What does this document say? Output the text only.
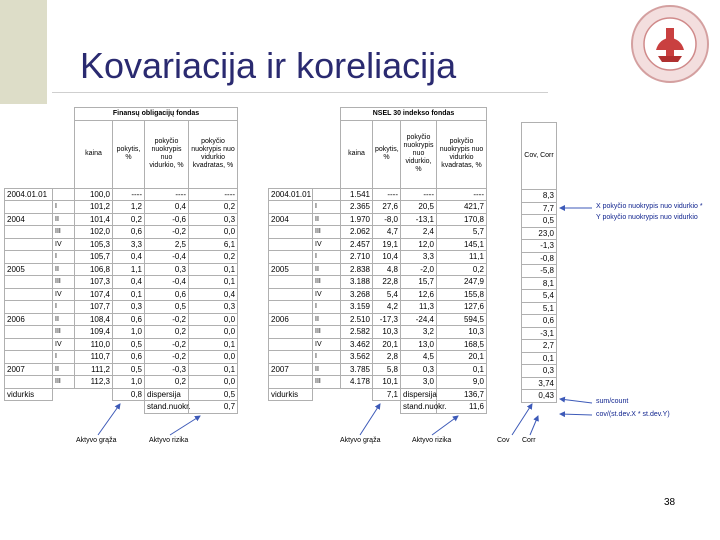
Kovariacija ir koreliacija
		Finansų obligacijų fondas			
		kaina	pokytis, %	pokyčio nuokrypis nuo vidurkio, %	pokyčio nuokrypis nuo vidurkio kvadratas, %
2004.01.01		100,0	----	----	----
	I	101,2	1,2	0,4	0,2
2004	II	101,4	0,2	-0,6	0,3
	III	102,0	0,6	-0,2	0,0
	IV	105,3	3,3	2,5	6,1
	I	105,7	0,4	-0,4	0,2
2005	II	106,8	1,1	0,3	0,1
	III	107,3	0,4	-0,4	0,1
	IV	107,4	0,1	0,6	0,4
	I	107,7	0,3	0,5	0,3
2006	II	108,4	0,6	-0,2	0,0
	III	109,4	1,0	0,2	0,0
	IV	110,0	0,5	-0,2	0,1
	I	110,7	0,6	-0,2	0,0
2007	II	111,2	0,5	-0,3	0,1
	III	112,3	1,0	0,2	0,0
vidurkis			0,8	dispersija	0,5
				stand.nuokr.	0,7
		NSEL 30 indekso fondas			
		kaina	pokytis, %	pokyčio nuokrypis nuo vidurkio, %	pokyčio nuokrypis nuo vidurkio kvadratas, %
2004.01.01		1.541	----	----	----
	I	2.365	27,6	20,5	421,7
2004	II	1.970	-8,0	-13,1	170,8
	III	2.062	4,7	2,4	5,7
	IV	2.457	19,1	12,0	145,1
	I	2.710	10,4	3,3	11,1
2005	II	2.838	4,8	-2,0	0,2
	III	3.188	22,8	15,7	247,9
	IV	3.268	5,4	12,6	155,8
	I	3.159	4,2	11,3	127,6
2006	II	2.510	-17,3	-24,4	594,5
	III	2.582	10,3	3,2	10,3
	IV	3.462	20,1	13,0	168,5
	I	3.562	2,8	4,5	20,1
2007	II	3.785	5,8	0,3	0,1
	III	4.178	10,1	3,0	9,0
vidurkis			7,1	dispersija	136,7
				stand.nuokr.	11,6
Cov, Corr
8,3
7,7
0,5
23,0
-1,3
-0,8
-5,8
8,1
5,4
5,1
0,6
-3,1
2,7
0,1
0,3
3,74
0,43
X pokyčio nuokrypis nuo vidurkio *
Y pokyčio nuokrypis nuo vidurkio
sum/count
cov/(st.dev.X * st.dev.Y)
Aktyvo grąža	Aktyvo rizika	Aktyvo grąža	Aktyvo rizika	Cov Corr
38
